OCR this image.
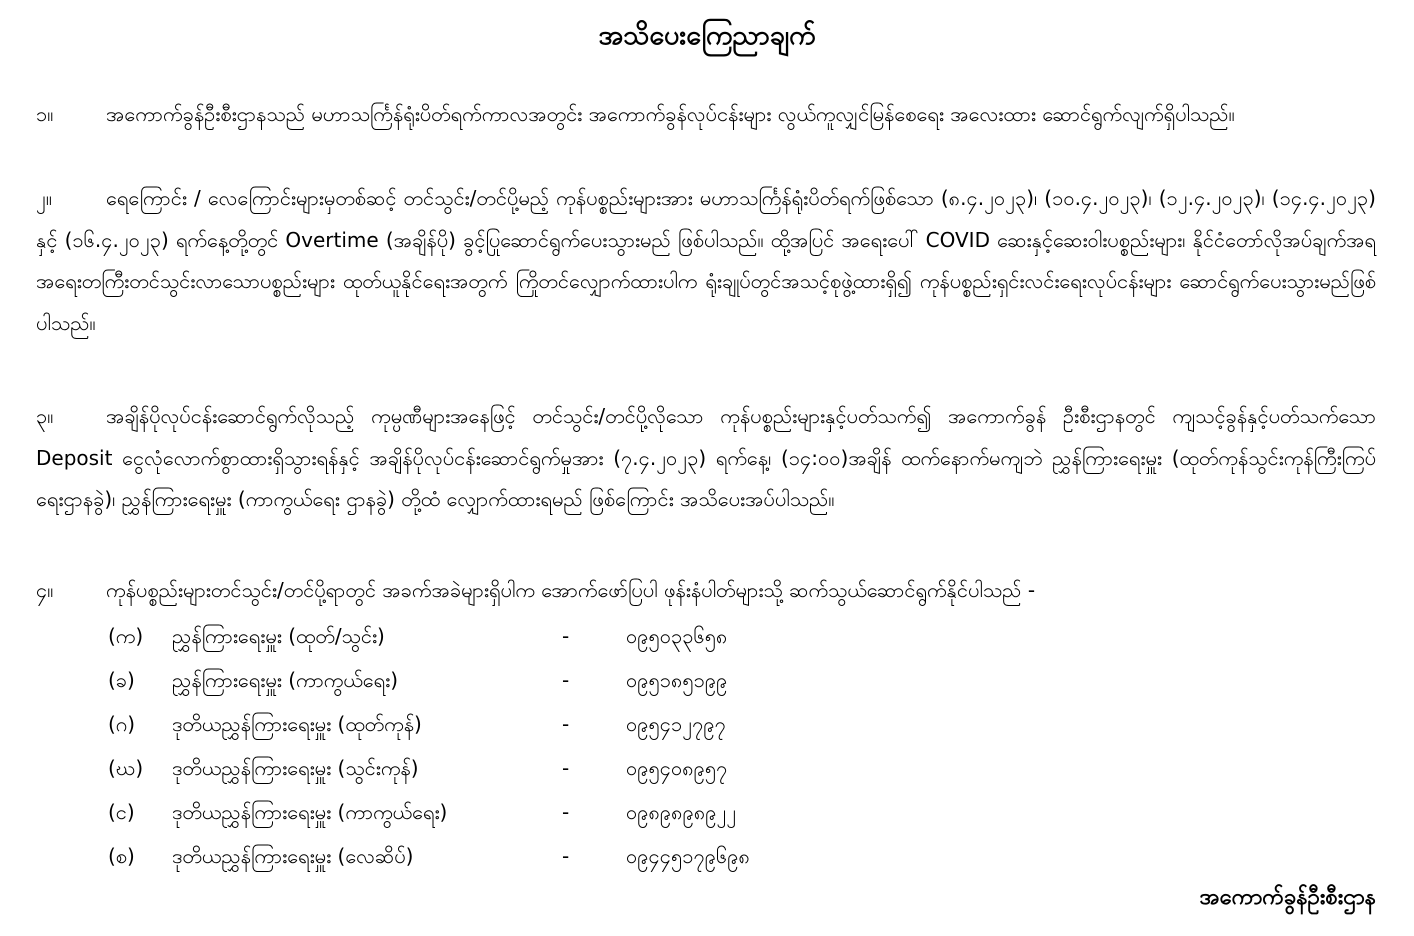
အသိပေးကြေညာချက်
၁။	အကောက်ခွန်ဦးစီးဌာနသည် မဟာသင်္ကြန်ရုံးပိတ်ရက်ကာလအတွင်း အကောက်ခွန်လုပ်ငန်းများ လွယ်ကူလျှင်မြန်စေရေး အလေးထား ဆောင်ရွက်လျက်ရှိပါသည်။
၂။	ရေကြောင်း / လေကြောင်းများမှတစ်ဆင့် တင်သွင်း/တင်ပို့မည့် ကုန်ပစ္စည်းများအား မဟာသင်္ကြန်ရုံးပိတ်ရက်ဖြစ်သော (၈.၄.၂၀၂၃)၊ (၁၀.၄.၂၀၂၃)၊ (၁၂.၄.၂၀၂၃)၊ (၁၄.၄.၂၀၂၃) နှင့် (၁၆.၄.၂၀၂၃) ရက်နေ့တို့တွင် Overtime (အချိန်ပို) ခွင့်ပြုဆောင်ရွက်ပေးသွားမည် ဖြစ်ပါသည်။ ထို့အပြင် အရေးပေါ် COVID ဆေးနှင့်ဆေးဝါးပစ္စည်းများ၊ နိုင်ငံတော်လိုအပ်ချက်အရ အရေးတကြီးတင်သွင်းလာသောပစ္စည်းများ ထုတ်ယူနိုင်ရေးအတွက် ကြိုတင်လျှောက်ထားပါက ရုံးချုပ်တွင်အသင့်စုဖွဲ့ထားရှိ၍ ကုန်ပစ္စည်းရှင်းလင်းရေးလုပ်ငန်းများ ဆောင်ရွက်ပေးသွားမည်ဖြစ်ပါသည်။
၃။	အချိန်ပိုလုပ်ငန်းဆောင်ရွက်လိုသည့် ကုမ္ပဏီများအနေဖြင့် တင်သွင်း/တင်ပို့လိုသော ကုန်ပစ္စည်းများနှင့်ပတ်သက်၍ အကောက်ခွန် ဦးစီးဌာနတွင် ကျသင့်ခွန်နှင့်ပတ်သက်သော Deposit ငွေလုံလောက်စွာထားရှိသွားရန်နှင့် အချိန်ပိုလုပ်ငန်းဆောင်ရွက်မှုအား (၇.၄.၂၀၂၃) ရက်နေ့၊ (၁၄:၀၀)အချိန် ထက်နောက်မကျဘဲ ညွှန်ကြားရေးမှူး (ထုတ်ကုန်သွင်းကုန်ကြီးကြပ်ရေးဌာနခွဲ)၊ ညွှန်ကြားရေးမှူး (ကာကွယ်ရေး ဌာနခွဲ) တို့ထံ လျှောက်ထားရမည် ဖြစ်ကြောင်း အသိပေးအပ်ပါသည်။
၄။	ကုန်ပစ္စည်းများတင်သွင်း/တင်ပို့ရာတွင် အခက်အခဲများရှိပါက အောက်ဖော်ပြပါ ဖုန်းနံပါတ်များသို့ ဆက်သွယ်ဆောင်ရွက်နိုင်ပါသည် -
(က) ညွှန်ကြားရေးမှူး (ထုတ်/သွင်း)	-	၀၉၅၀၃၃၆၅၈
(ခ) ညွှန်ကြားရေးမှူး (ကာကွယ်ရေး)	-	၀၉၅၁၈၅၁၉၉
(ဂ) ဒုတိယညွှန်ကြားရေးမှူး (ထုတ်ကုန်)	-	၀၉၅၄၁၂၇၉၇
(ဃ) ဒုတိယညွှန်ကြားရေးမှူး (သွင်းကုန်)	-	၀၉၅၄၀၈၉၅၇
(င) ဒုတိယညွှန်ကြားရေးမှူး (ကာကွယ်ရေး)	-	၀၉၈၉၈၉၈၉၂၂
(စ) ဒုတိယညွှန်ကြားရေးမှူး (လေဆိပ်)	-	၀၉၄၄၅၁၇၉၆၉၈
အကောက်ခွန်ဦးစီးဌာန
